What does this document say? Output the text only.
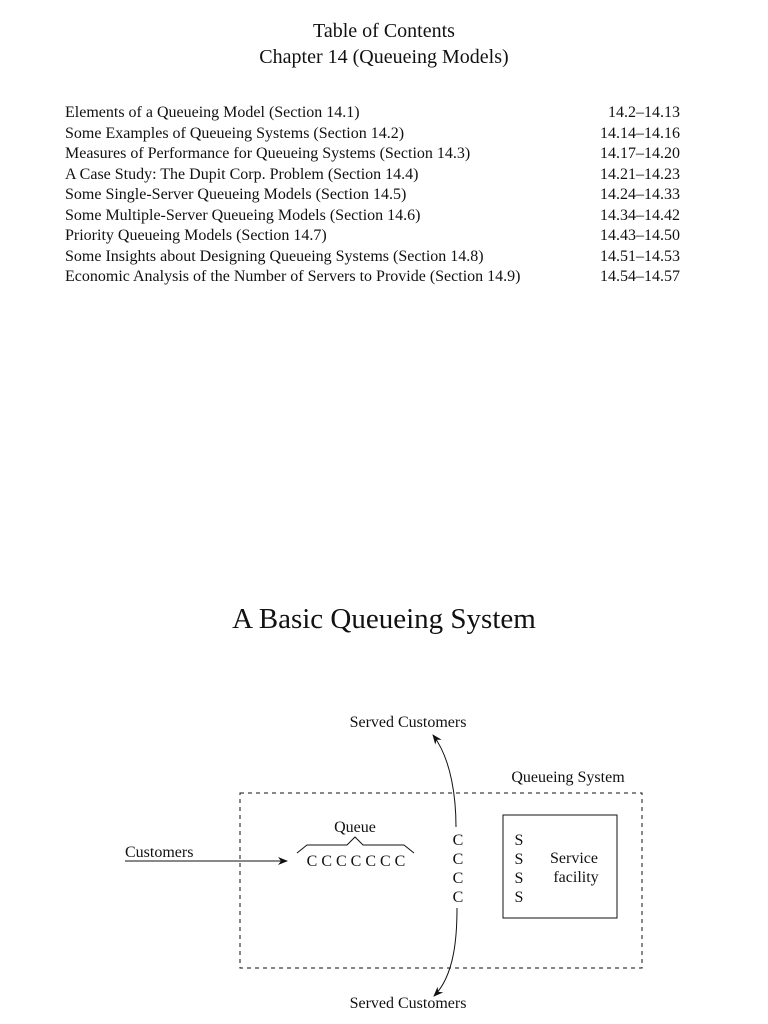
Table of Contents
Chapter 14 (Queueing Models)
Elements of a Queueing Model (Section 14.1)	14.2–14.13
Some Examples of Queueing Systems (Section 14.2)	14.14–14.16
Measures of Performance for Queueing Systems (Section 14.3)	14.17–14.20
A Case Study: The Dupit Corp. Problem (Section 14.4)	14.21–14.23
Some Single-Server Queueing Models (Section 14.5)	14.24–14.33
Some Multiple-Server Queueing Models (Section 14.6)	14.34–14.42
Priority Queueing Models (Section 14.7)	14.43–14.50
Some Insights about Designing Queueing Systems (Section 14.8)	14.51–14.53
Economic Analysis of the Number of Servers to Provide (Section 14.9)	14.54–14.57
A Basic Queueing System
Queueing System
Customers
Queue
C C C C C C C
C
C
C
C
Served Customers
Served Customers
S
S
S
S
Service
facility
